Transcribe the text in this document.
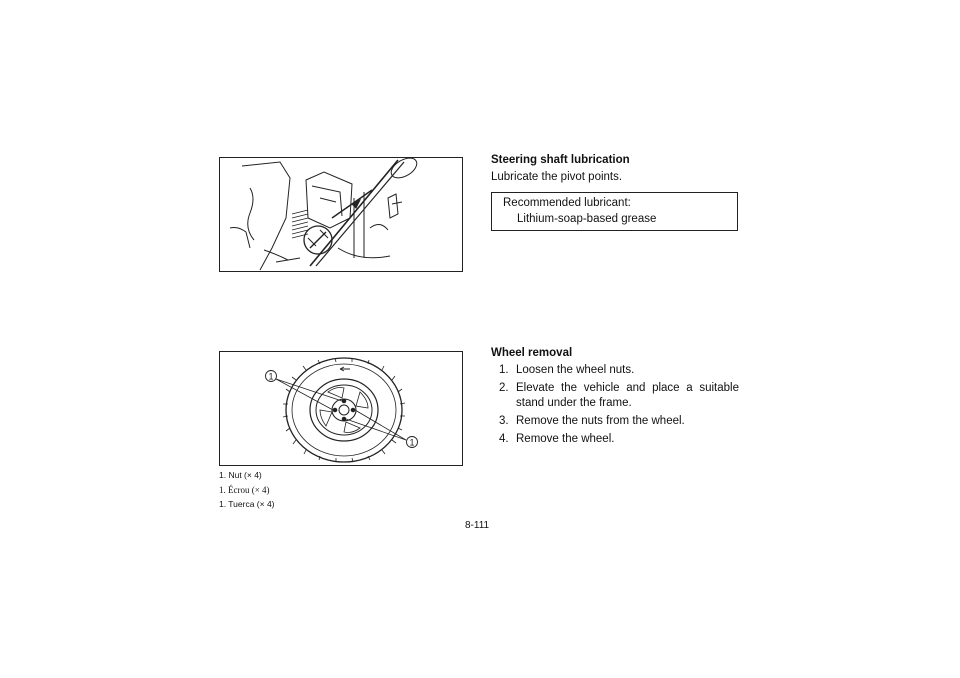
1
1
1. Nut (× 4)
1. Écrou (× 4)
1. Tuerca (× 4)
Steering shaft lubrication
Lubricate the pivot points.
Recommended lubricant:
Lithium-soap-based grease
Wheel removal
1. Loosen the wheel nuts.
2. Elevate the vehicle and place a suitable stand under the frame.
3. Remove the nuts from the wheel.
4. Remove the wheel.
8-111
